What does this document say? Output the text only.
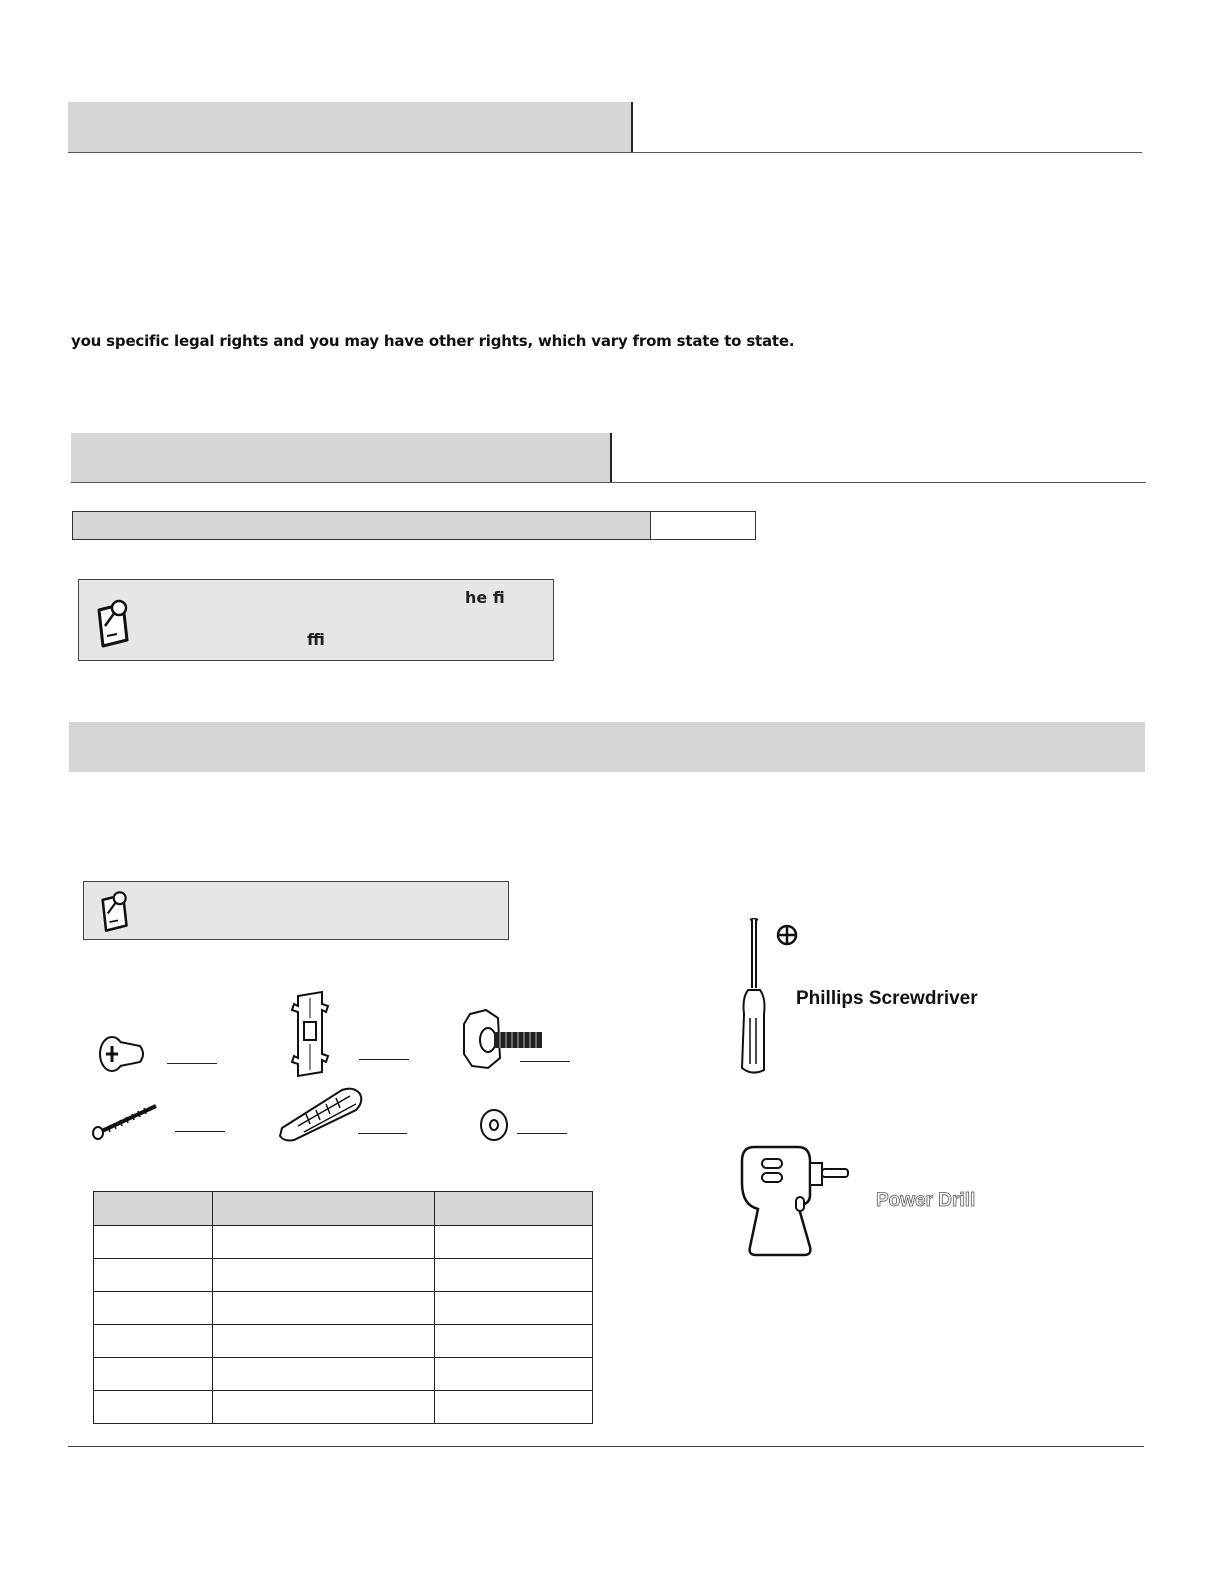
you specific legal rights and you may have other rights, which vary from state to state.
he fi
ffi

Phillips Screwdriver
Power Drill
